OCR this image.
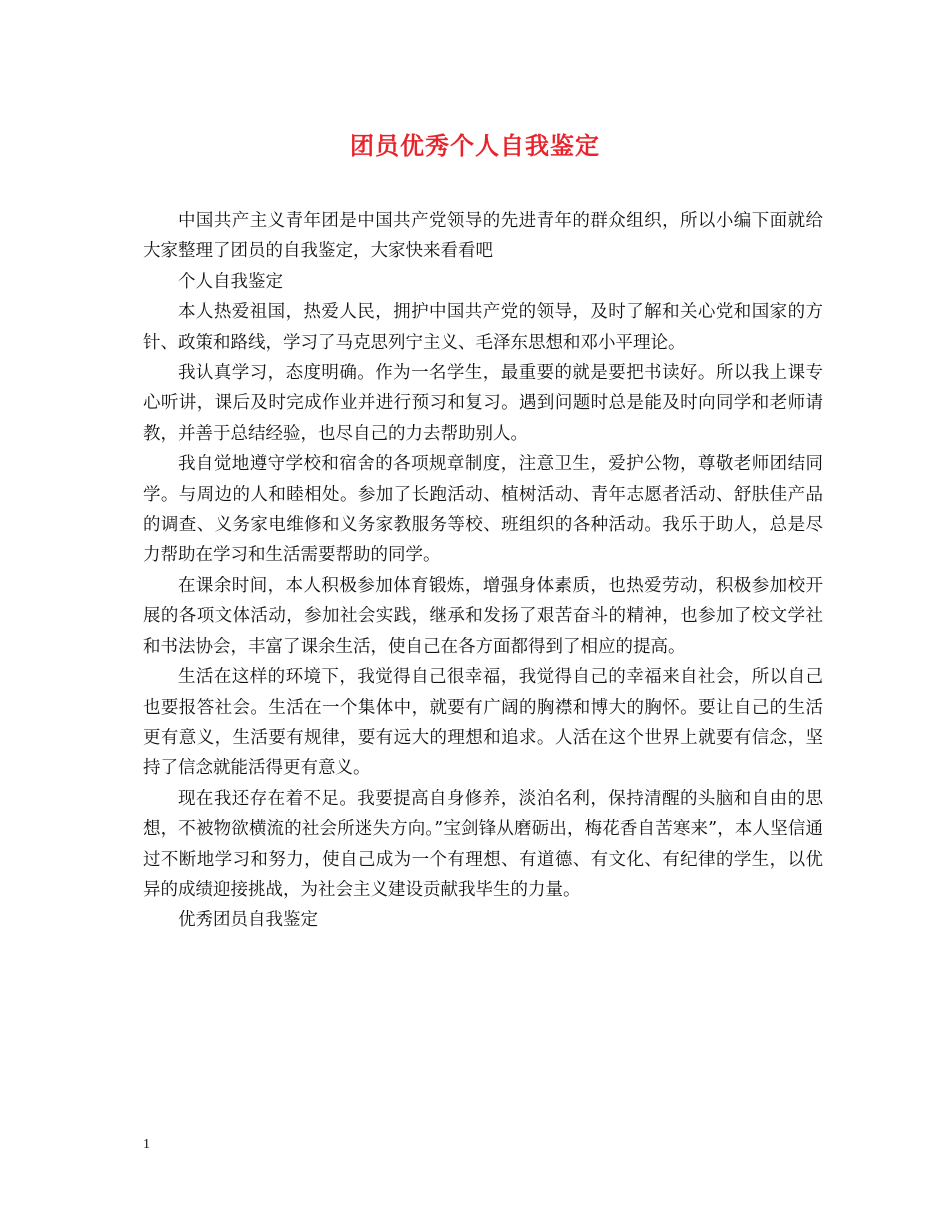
团员优秀个人自我鉴定

中国共产主义青年团是中国共产党领导的先进青年的群众组织，所以小编下面就给大家整理了团员的自我鉴定，大家快来看看吧

个人自我鉴定

本人热爱祖国，热爱人民，拥护中国共产党的领导，及时了解和关心党和国家的方针、政策和路线，学习了马克思列宁主义、毛泽东思想和邓小平理论。

我认真学习，态度明确。作为一名学生，最重要的就是要把书读好。所以我上课专心听讲，课后及时完成作业并进行预习和复习。遇到问题时总是能及时向同学和老师请教，并善于总结经验，也尽自己的力去帮助别人。

我自觉地遵守学校和宿舍的各项规章制度，注意卫生，爱护公物，尊敬老师团结同学。与周边的人和睦相处。参加了长跑活动、植树活动、青年志愿者活动、舒肤佳产品的调查、义务家电维修和义务家教服务等校、班组织的各种活动。我乐于助人，总是尽力帮助在学习和生活需要帮助的同学。

在课余时间，本人积极参加体育锻炼，增强身体素质，也热爱劳动，积极参加校开展的各项文体活动，参加社会实践，继承和发扬了艰苦奋斗的精神，也参加了校文学社和书法协会，丰富了课余生活，使自己在各方面都得到了相应的提高。

生活在这样的环境下，我觉得自己很幸福，我觉得自己的幸福来自社会，所以自己也要报答社会。生活在一个集体中，就要有广阔的胸襟和博大的胸怀。要让自己的生活更有意义，生活要有规律，要有远大的理想和追求。人活在这个世界上就要有信念，坚持了信念就能活得更有意义。

现在我还存在着不足。我要提高自身修养，淡泊名利，保持清醒的头脑和自由的思想，不被物欲横流的社会所迷失方向。”宝剑锋从磨砺出，梅花香自苦寒来”，本人坚信通过不断地学习和努力，使自己成为一个有理想、有道德、有文化、有纪律的学生，以优异的成绩迎接挑战，为社会主义建设贡献我毕生的力量。

优秀团员自我鉴定

1
